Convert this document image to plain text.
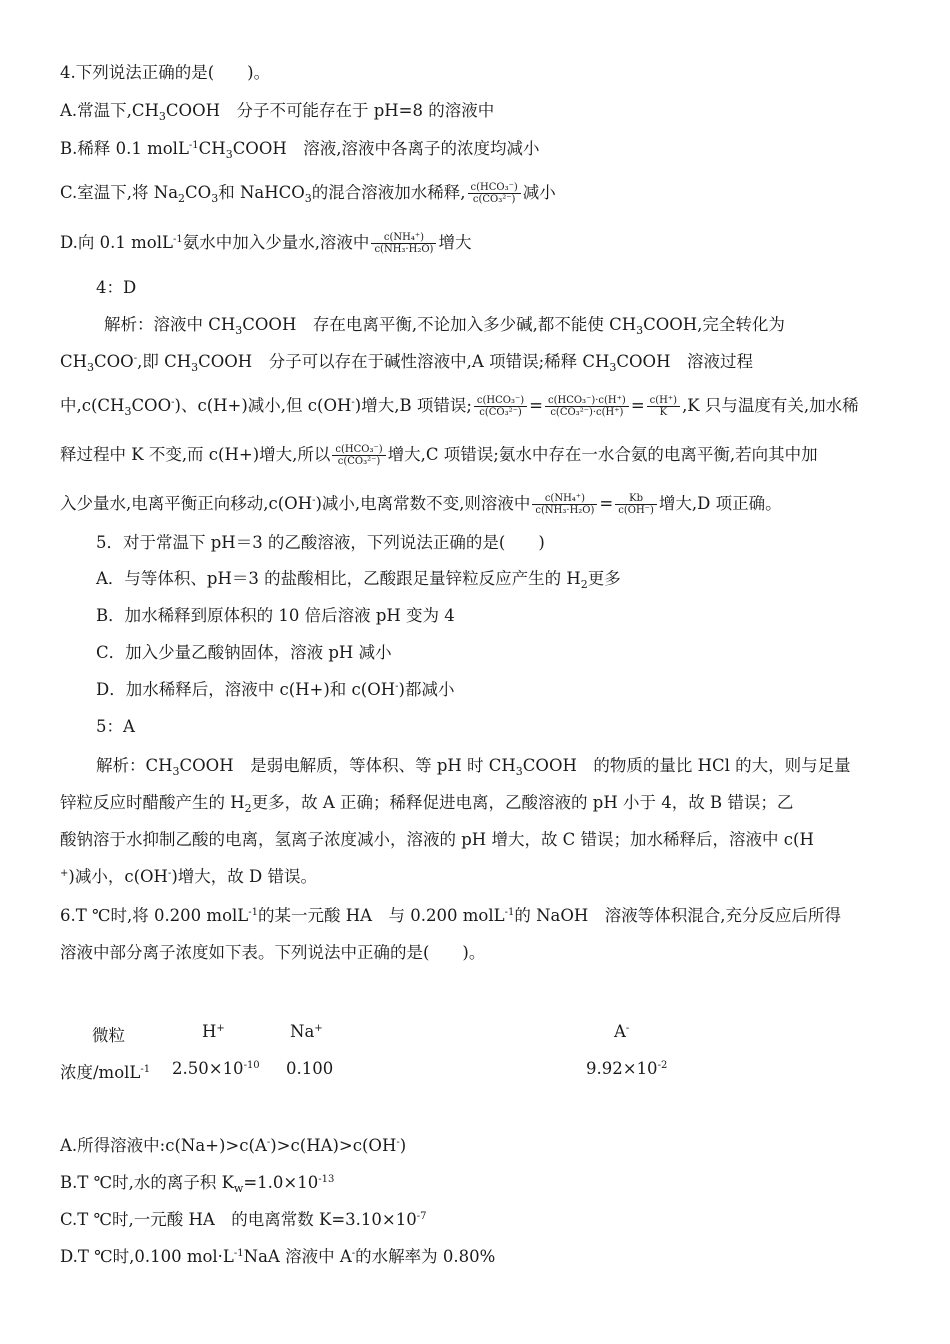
4.下列说法正确的是(　　)。
A.常温下$,CH_3COOH$　分子不可能存在于 pH=8 的溶液中
B.稀释 0.1 $molL^{-1}CH_3COOH$　溶液,溶液中各离子的浓度均减小
C.室温下,将 $Na_2CO_3$和 NaHCO$_3$的混合溶液加水稀释, $\frac{\text{c(HCO₃⁻)}}{\text{c(CO₃²⁻)}}$ 减小
D.向 0.1 molL$^{-1}$氨水中加入少量水,溶液中 $\frac{\text{c(NH₄⁺)}}{\text{c(NH₃·H₂O)}}$ 增大
4：D
解析：溶液中 $CH_3COOH$　存在电离平衡,不论加入多少碱,都不能使 $CH_3COOH$,完全转化为
$CH_3COO^-$,即 $CH_3COOH$　分子可以存在于碱性溶液中,A 项错误;稀释 $CH_3COOH$　溶液过程
中$,c(CH_3COO^-)$、c(H+)减小,但 c(OH-)增大,B 项错误; $\frac{\text{c(HCO₃⁻)}}{\text{c(CO₃²⁻)}} = \frac{\text{c(HCO₃⁻)·c(H⁺)}}{\text{c(CO₃²⁻)·c(H⁺)}} = \frac{c(H^+)}{K} ,K$ 只与温度有关,加水稀
释过程中 K 不变,而 c(H+)增大,所以 $\frac{\text{c(HCO₃⁻)}}{\text{c(CO₃²⁻)}}$ 增大,C 项错误;氨水中存在一水合氨的电离平衡,若向其中加
入少量水,电离平衡正向移动,c(OH-)减小,电离常数不变,则溶液中 $\frac{\text{c(NH₄⁺)}}{\text{c(NH₃·H₂O)}} = \frac{Kb}{c(OH^-)}$ 增大,D 项正确。
5．对于常温下 pH＝3 的乙酸溶液，下列说法正确的是(　　)
A．与等体积、pH＝3 的盐酸相比，乙酸跟足量锌粒反应产生的 $H_2$更多
B．加水稀释到原体积的 10 倍后溶液 pH 变为 4
C．加入少量乙酸钠固体，溶液 pH 减小
D．加水稀释后，溶液中 c(H+)和 c(OH-)都减小
5：A
解析：$CH_3COOH$　是弱电解质，等体积、等 pH 时 $CH_3COOH$　的物质的量比 HCl 的大，则与足量
锌粒反应时醋酸产生的 $H_2$更多，故 A 正确；稀释促进电离，乙酸溶液的 pH 小于 4，故 B 错误；乙
酸钠溶于水抑制乙酸的电离，氢离子浓度减小，溶液的 pH 增大，故 C 错误；加水稀释后，溶液中 c(H
+)减小，c(OH-)增大，故 D 错误。
6.T ℃时,将 0.200 molL$^{-1}$的某一元酸 HA　与 0.200 molL$^{-1}$的 NaOH　溶液等体积混合,充分反应后所得
溶液中部分离子浓度如下表。下列说法中正确的是(　　)。
微粒	H+	Na+	A-
浓度/molL$^{-1}$ $2.50\times 10^{-10}$ 0.100	$9.92\times 10^{-2}$
A.所得溶液中:c(Na+)>c(A-)>c(HA)>c(OH-)
B.T ℃时,水的离子积 $K_w=1.0\times 10^{-13}$
C.T ℃时,一元酸 HA　的电离常数 $K=3.10\times 10^{-7}$
D.T ℃时,0.100 $mol\cdot L^{-1}NaA$ 溶液中 A-的水解率为 0.80%
